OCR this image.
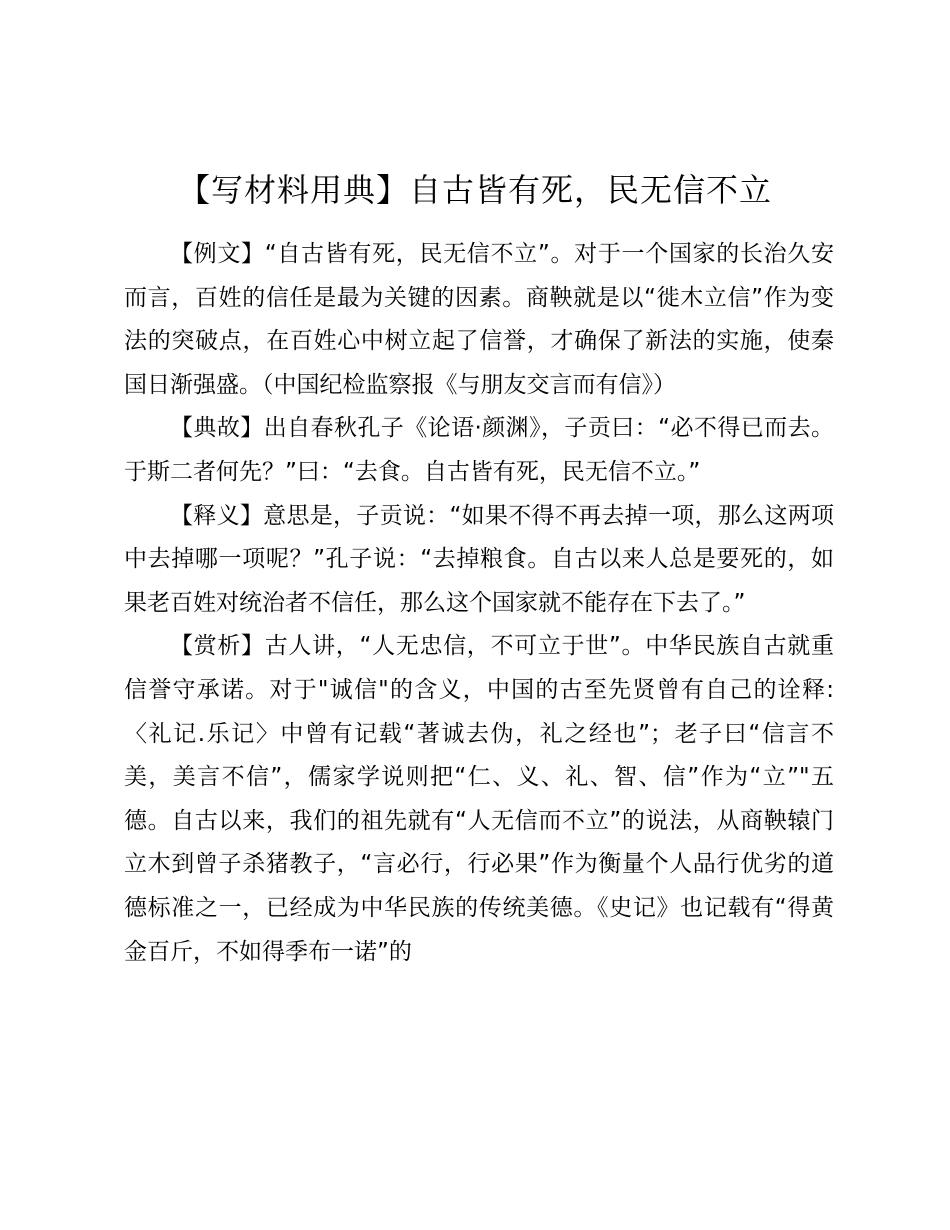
【写材料用典】自古皆有死，民无信不立

【例文】“自古皆有死，民无信不立”。对于一个国家的长治久安而言，百姓的信任是最为关键的因素。商鞅就是以“徙木立信”作为变法的突破点，在百姓心中树立起了信誉，才确保了新法的实施，使秦国日渐强盛。（中国纪检监察报《与朋友交言而有信》）

【典故】出自春秋孔子《论语·颜渊》，子贡曰：“必不得已而去。于斯二者何先？”曰：“去食。自古皆有死，民无信不立。”

【释义】意思是，子贡说：“如果不得不再去掉一项，那么这两项中去掉哪一项呢？”孔子说：“去掉粮食。自古以来人总是要死的，如果老百姓对统治者不信任，那么这个国家就不能存在下去了。”

【赏析】古人讲，“人无忠信，不可立于世”。中华民族自古就重信誉守承诺。对于"诚信"的含义，中国的古至先贤曾有自己的诠释:〈礼记.乐记〉中曾有记载“著诚去伪，礼之经也”；老子曰“信言不美，美言不信”，儒家学说则把“仁、义、礼、智、信”作为“立”"五德。自古以来，我们的祖先就有“人无信而不立”的说法，从商鞅辕门立木到曾子杀猪教子，“言必行，行必果”作为衡量个人品行优劣的道德标准之一，已经成为中华民族的传统美德。《史记》也记载有“得黄金百斤，不如得季布一诺”的
